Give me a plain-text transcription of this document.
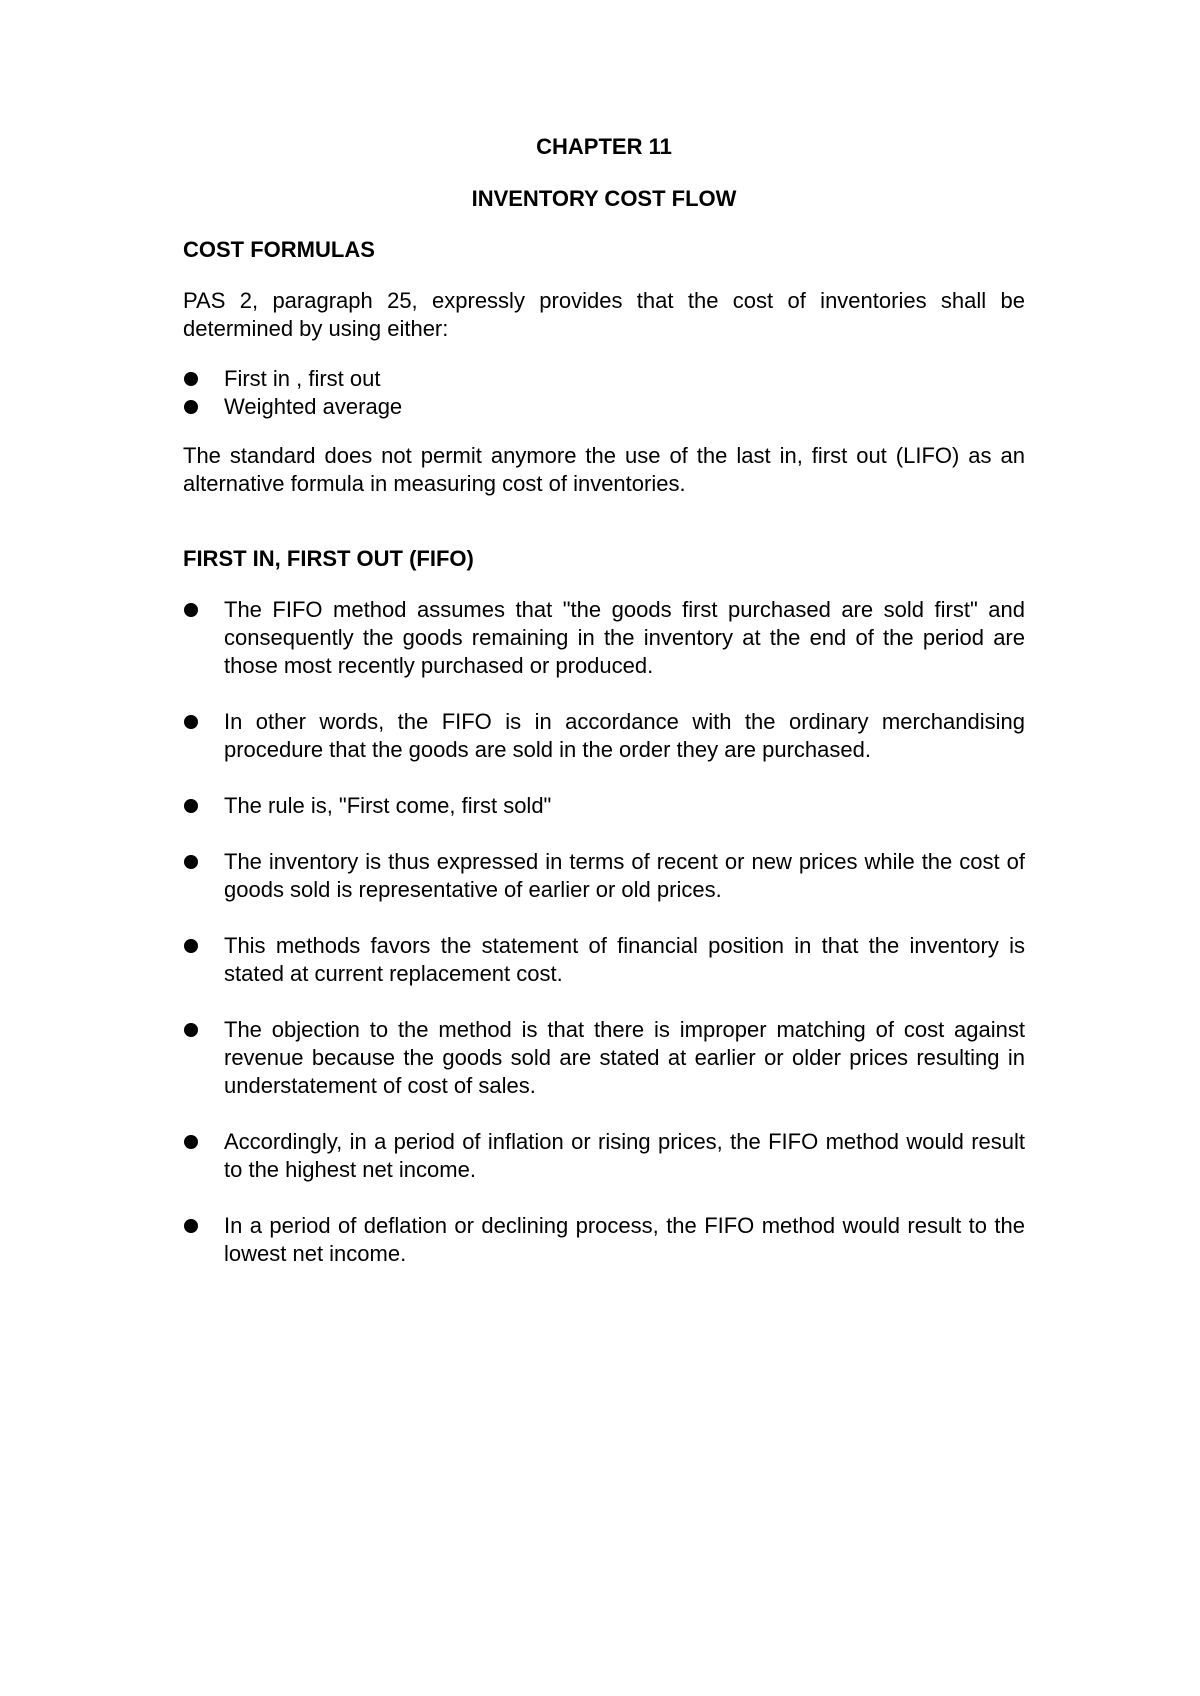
CHAPTER 11
INVENTORY COST FLOW
COST FORMULAS
PAS 2, paragraph 25, expressly provides that the cost of inventories shall be determined by using either:
First in , first out
Weighted average
The standard does not permit anymore the use of the last in, first out (LIFO) as an alternative formula in measuring cost of inventories.
FIRST IN, FIRST OUT (FIFO)
The FIFO method assumes that "the goods first purchased are sold first" and consequently the goods remaining in the inventory at the end of the period are those most recently purchased or produced.
In other words, the FIFO is in accordance with the ordinary merchandising procedure that the goods are sold in the order they are purchased.
The rule is, "First come, first sold"
The inventory is thus expressed in terms of recent or new prices while the cost of goods sold is representative of earlier or old prices.
This methods favors the statement of financial position in that the inventory is stated at current replacement cost.
The objection to the method is that there is improper matching of cost against revenue because the goods sold are stated at earlier or older prices resulting in understatement of cost of sales.
Accordingly, in a period of inflation or rising prices, the FIFO method would result to the highest net income.
In a period of deflation or declining process, the FIFO method would result to the lowest net income.
